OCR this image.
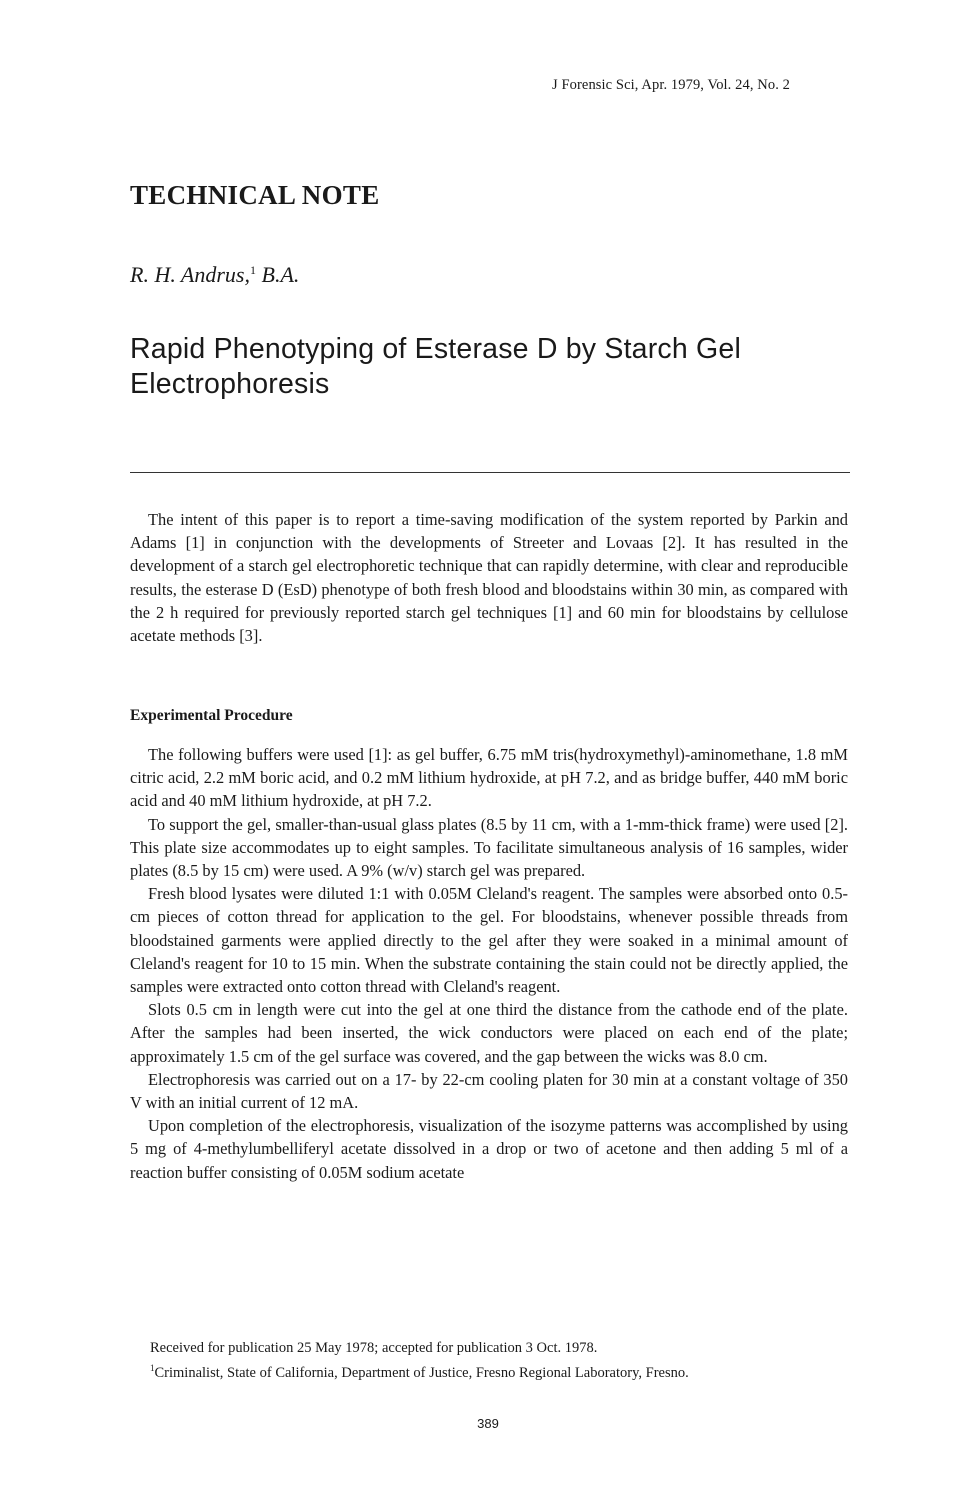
J Forensic Sci, Apr. 1979, Vol. 24, No. 2
TECHNICAL NOTE
R. H. Andrus,$^1$ B.A.
Rapid Phenotyping of Esterase D by Starch Gel Electrophoresis

The intent of this paper is to report a time-saving modification of the system reported by Parkin and Adams [1] in conjunction with the developments of Streeter and Lovaas [2]. It has resulted in the development of a starch gel electrophoretic technique that can rapidly determine, with clear and reproducible results, the esterase D (EsD) phenotype of both fresh blood and bloodstains within 30 min, as compared with the 2 h required for previously reported starch gel techniques [1] and 60 min for bloodstains by cellulose acetate methods [3].

Experimental Procedure

The following buffers were used [1]: as gel buffer, 6.75 mM tris(hydroxymethyl)-aminomethane, 1.8 mM citric acid, 2.2 mM boric acid, and 0.2 mM lithium hydroxide, at pH 7.2, and as bridge buffer, 440 mM boric acid and 40 mM lithium hydroxide, at pH 7.2.

To support the gel, smaller-than-usual glass plates (8.5 by 11 cm, with a 1-mm-thick frame) were used [2]. This plate size accommodates up to eight samples. To facilitate simultaneous analysis of 16 samples, wider plates (8.5 by 15 cm) were used. A 9% (w/v) starch gel was prepared.

Fresh blood lysates were diluted 1:1 with 0.05M Cleland's reagent. The samples were absorbed onto 0.5-cm pieces of cotton thread for application to the gel. For bloodstains, whenever possible threads from bloodstained garments were applied directly to the gel after they were soaked in a minimal amount of Cleland's reagent for 10 to 15 min. When the substrate containing the stain could not be directly applied, the samples were extracted onto cotton thread with Cleland's reagent.

Slots 0.5 cm in length were cut into the gel at one third the distance from the cathode end of the plate. After the samples had been inserted, the wick conductors were placed on each end of the plate; approximately 1.5 cm of the gel surface was covered, and the gap between the wicks was 8.0 cm.

Electrophoresis was carried out on a 17- by 22-cm cooling platen for 30 min at a constant voltage of 350 V with an initial current of 12 mA.

Upon completion of the electrophoresis, visualization of the isozyme patterns was accomplished by using 5 mg of 4-methylumbelliferyl acetate dissolved in a drop or two of acetone and then adding 5 ml of a reaction buffer consisting of 0.05M sodium acetate

Received for publication 25 May 1978; accepted for publication 3 Oct. 1978.

$^1$Criminalist, State of California, Department of Justice, Fresno Regional Laboratory, Fresno.

389
